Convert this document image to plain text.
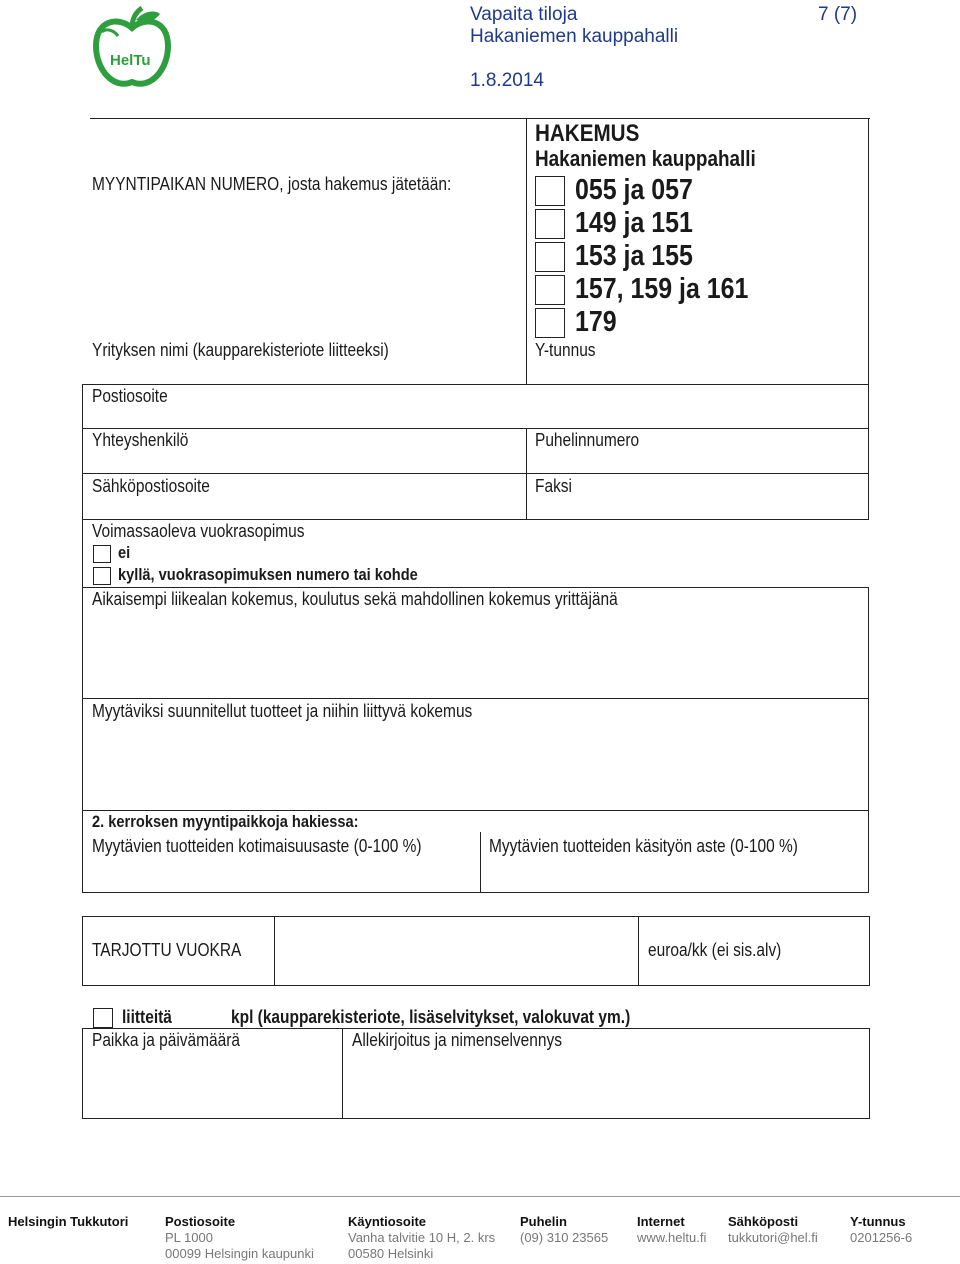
HelTu
Vapaita tiloja
Hakaniemen kauppahalli
1.8.2014
7 (7)
MYYNTIPAIKAN NUMERO, josta hakemus jätetään:
HAKEMUS
Hakaniemen kauppahalli
055 ja 057
149 ja 151
153 ja 155
157, 159 ja 161
179
Yrityksen nimi (kaupparekisteriote liitteeksi)	Y-tunnus
Postiosoite
Yhteyshenkilö	Puhelinnumero
Sähköpostiosoite	Faksi
Voimassaoleva vuokrasopimus
ei
kyllä, vuokrasopimuksen numero tai kohde
Aikaisempi liikealan kokemus, koulutus sekä mahdollinen kokemus yrittäjänä
Myytäviksi suunnitellut tuotteet ja niihin liittyvä kokemus
2. kerroksen myyntipaikkoja hakiessa:
Myytävien tuotteiden kotimaisuusaste (0-100 %)	Myytävien tuotteiden käsityön aste (0-100 %)
TARJOTTU VUOKRA	euroa/kk (ei sis.alv)
liitteitä	kpl (kaupparekisteriote, lisäselvitykset, valokuvat ym.)
Paikka ja päivämäärä	Allekirjoitus ja nimenselvennys
Helsingin Tukkutori	Postiosoite
PL 1000
00099 Helsingin kaupunki
Käyntiosoite
Vanha talvitie 10 H, 2. krs
00580 Helsinki
Puhelin
(09) 310 23565
Internet
www.heltu.fi
Sähköposti
tukkutori@hel.fi
Y-tunnus
0201256-6
